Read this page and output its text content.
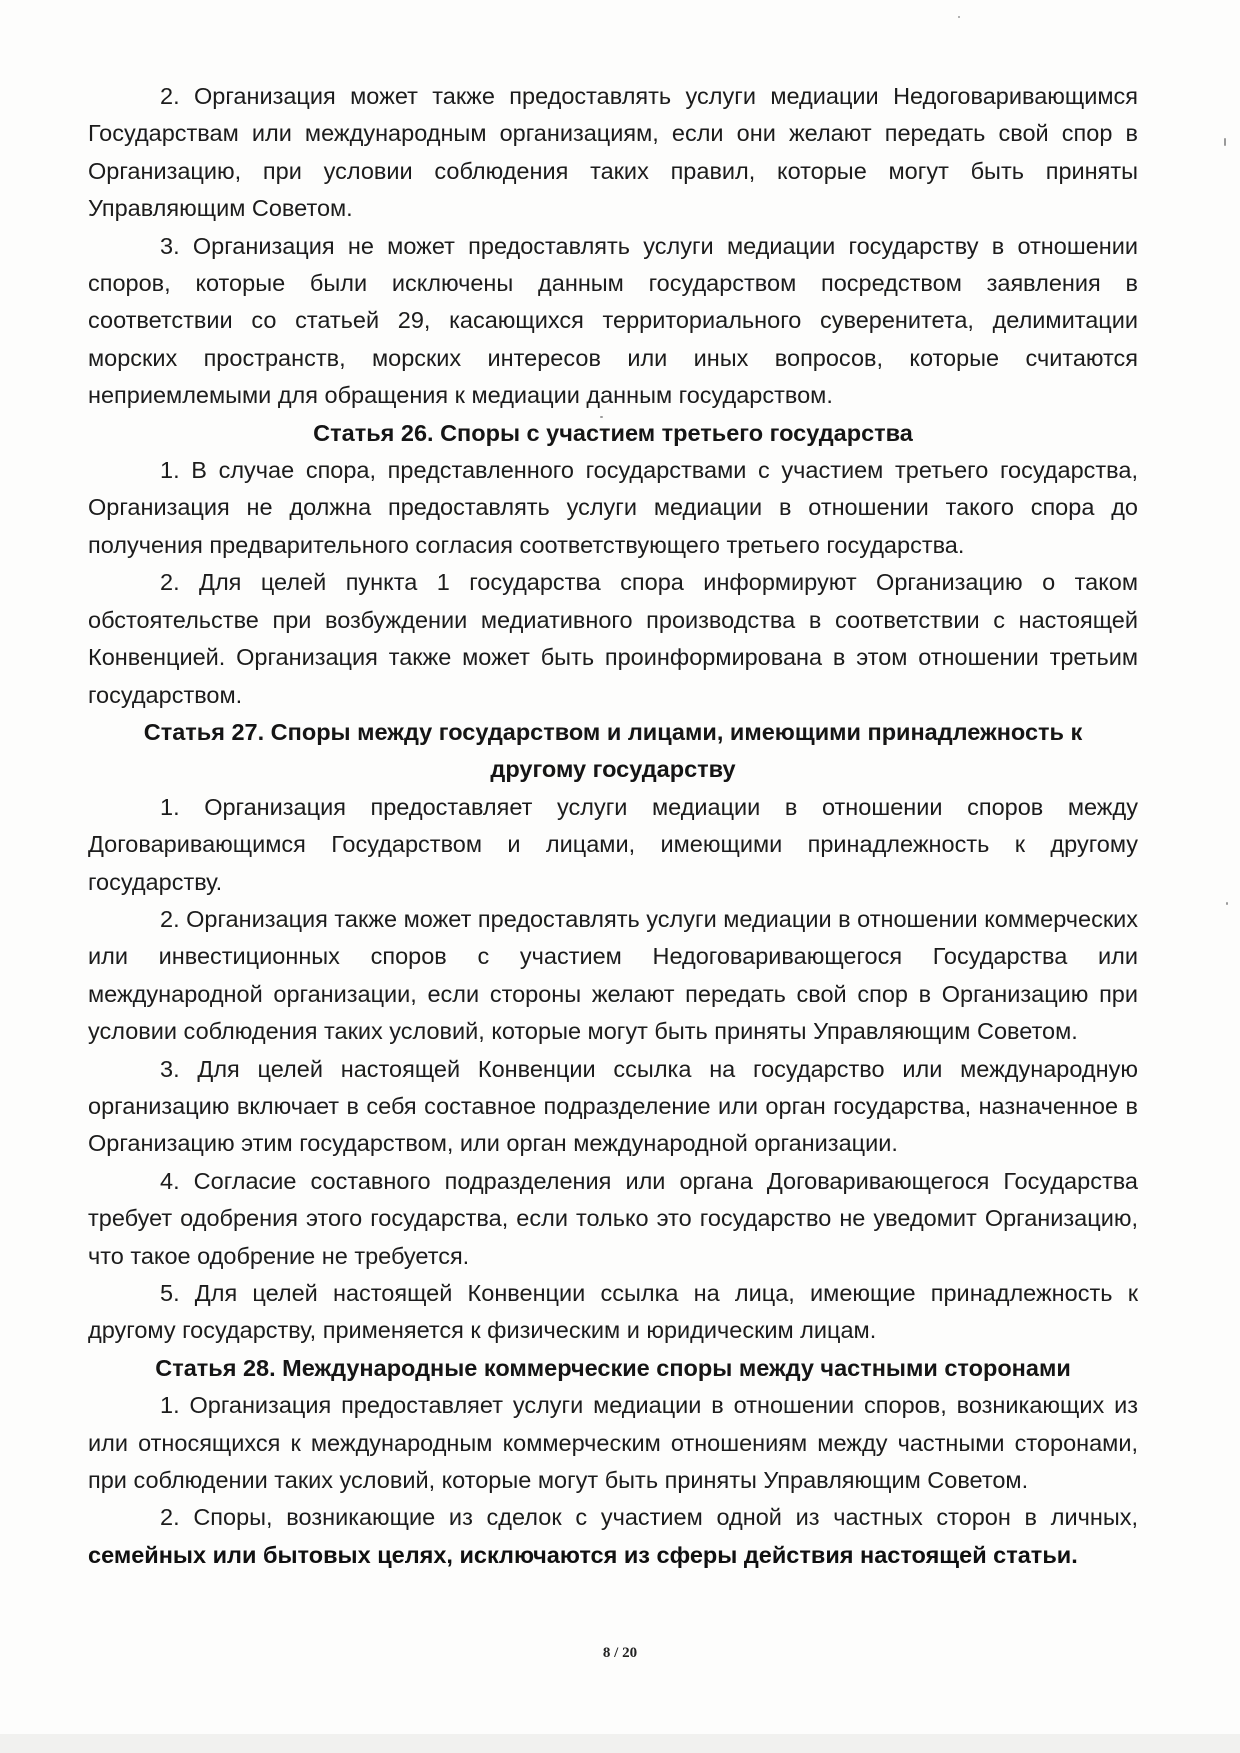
2. Организация может также предоставлять услуги медиации Недоговаривающимся Государствам или международным организациям, если они желают передать свой спор в Организацию, при условии соблюдения таких правил, которые могут быть приняты Управляющим Советом.

3. Организация не может предоставлять услуги медиации государству в отношении споров, которые были исключены данным государством посредством заявления в соответствии со статьей 29, касающихся территориального суверенитета, делимитации морских пространств, морских интересов или иных вопросов, которые считаются неприемлемыми для обращения к медиации данным государством.

Статья 26. Споры с участием третьего государства

1. В случае спора, представленного государствами с участием третьего государства, Организация не должна предоставлять услуги медиации в отношении такого спора до получения предварительного согласия соответствующего третьего государства.

2. Для целей пункта 1 государства спора информируют Организацию о таком обстоятельстве при возбуждении медиативного производства в соответствии с настоящей Конвенцией. Организация также может быть проинформирована в этом отношении третьим государством.

Статья 27. Споры между государством и лицами, имеющими принадлежность к другому государству

1. Организация предоставляет услуги медиации в отношении споров между Договаривающимся Государством и лицами, имеющими принадлежность к другому государству.

2. Организация также может предоставлять услуги медиации в отношении коммерческих или инвестиционных споров с участием Недоговаривающегося Государства или международной организации, если стороны желают передать свой спор в Организацию при условии соблюдения таких условий, которые могут быть приняты Управляющим Советом.

3. Для целей настоящей Конвенции ссылка на государство или международную организацию включает в себя составное подразделение или орган государства, назначенное в Организацию этим государством, или орган международной организации.

4. Согласие составного подразделения или органа Договаривающегося Государства требует одобрения этого государства, если только это государство не уведомит Организацию, что такое одобрение не требуется.

5. Для целей настоящей Конвенции ссылка на лица, имеющие принадлежность к другому государству, применяется к физическим и юридическим лицам.

Статья 28. Международные коммерческие споры между частными сторонами

1. Организация предоставляет услуги медиации в отношении споров, возникающих из или относящихся к международным коммерческим отношениям между частными сторонами, при соблюдении таких условий, которые могут быть приняты Управляющим Советом.

2. Споры, возникающие из сделок с участием одной из частных сторон в личных, семейных или бытовых целях, исключаются из сферы действия настоящей статьи.

8 / 20
